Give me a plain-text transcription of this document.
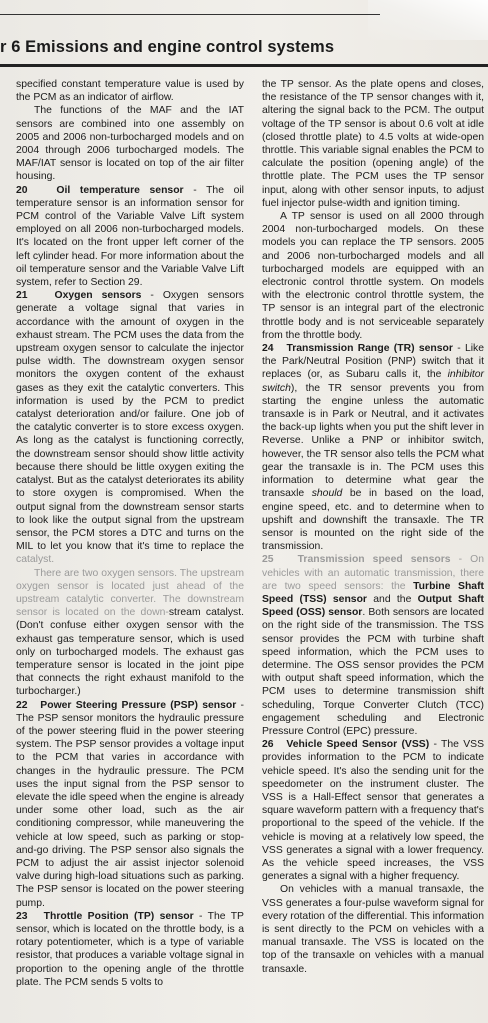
r 6 Emissions and engine control systems

specified constant temperature value is used by the PCM as an indicator of airflow.

The functions of the MAF and the IAT sensors are combined into one assembly on 2005 and 2006 non-turbocharged models and on 2004 through 2006 turbocharged models. The MAF/IAT sensor is located on top of the air filter housing.

20	Oil temperature sensor - The oil temperature sensor is an information sensor for PCM control of the Variable Valve Lift system employed on all 2006 non-turbocharged models. It's located on the front upper left corner of the left cylinder head. For more information about the oil temperature sensor and the Variable Valve Lift system, refer to Section 29.

21	Oxygen sensors - Oxygen sensors generate a voltage signal that varies in accordance with the amount of oxygen in the exhaust stream. The PCM uses the data from the upstream oxygen sensor to calculate the injector pulse width. The downstream oxygen sensor monitors the oxygen content of the exhaust gases as they exit the catalytic converters. This information is used by the PCM to predict catalyst deterioration and/or failure. One job of the catalytic converter is to store excess oxygen. As long as the catalyst is functioning correctly, the downstream sensor should show little activity because there should be little oxygen exiting the catalyst. But as the catalyst deteriorates its ability to store oxygen is compromised. When the output signal from the downstream sensor starts to look like the output signal from the upstream sensor, the PCM stores a DTC and turns on the MIL to let you know that it's time to replace the catalyst.

There are two oxygen sensors. The upstream oxygen sensor is located just ahead of the upstream catalytic converter. The downstream sensor is located on the down-stream catalyst. (Don't confuse either oxygen sensor with the exhaust gas temperature sensor, which is used only on turbocharged models. The exhaust gas temperature sensor is located in the joint pipe that connects the right exhaust manifold to the turbocharger.)

22 Power Steering Pressure (PSP) sensor - The PSP sensor monitors the hydraulic pressure of the power steering fluid in the power steering system. The PSP sensor provides a voltage input to the PCM that varies in accordance with changes in the hydraulic pressure. The PCM uses the input signal from the PSP sensor to elevate the idle speed when the engine is already under some other load, such as the air conditioning compressor, while maneuvering the vehicle at low speed, such as parking or stop-and-go driving. The PSP sensor also signals the PCM to adjust the air assist injector solenoid valve during high-load situations such as parking. The PSP sensor is located on the power steering pump.

23 Throttle Position (TP) sensor - The TP sensor, which is located on the throttle body, is a rotary potentiometer, which is a type of variable resistor, that produces a variable voltage signal in proportion to the opening angle of the throttle plate. The PCM sends 5 volts to

the TP sensor. As the plate opens and closes, the resistance of the TP sensor changes with it, altering the signal back to the PCM. The output voltage of the TP sensor is about 0.6 volt at idle (closed throttle plate) to 4.5 volts at wide-open throttle. This variable signal enables the PCM to calculate the position (opening angle) of the throttle plate. The PCM uses the TP sensor input, along with other sensor inputs, to adjust fuel injector pulse-width and ignition timing.

A TP sensor is used on all 2000 through 2004 non-turbocharged models. On these models you can replace the TP sensors. 2005 and 2006 non-turbocharged models and all turbocharged models are equipped with an electronic control throttle system. On models with the electronic control throttle system, the TP sensor is an integral part of the electronic throttle body and is not serviceable separately from the throttle body.

24 Transmission Range (TR) sensor - Like the Park/Neutral Position (PNP) switch that it replaces (or, as Subaru calls it, the inhibitor switch), the TR sensor prevents you from starting the engine unless the automatic transaxle is in Park or Neutral, and it activates the back-up lights when you put the shift lever in Reverse. Unlike a PNP or inhibitor switch, however, the TR sensor also tells the PCM what gear the transaxle is in. The PCM uses this information to determine what gear the transaxle should be in based on the load, engine speed, etc. and to determine when to upshift and downshift the transaxle. The TR sensor is mounted on the right side of the transmission.

25 Transmission speed sensors - On vehicles with an automatic transmission, there are two speed sensors: the Turbine Shaft Speed (TSS) sensor and the Output Shaft Speed (OSS) sensor. Both sensors are located on the right side of the transmission. The TSS sensor provides the PCM with turbine shaft speed information, which the PCM uses to determine. The OSS sensor provides the PCM with output shaft speed information, which the PCM uses to determine transmission shift scheduling, Torque Converter Clutch (TCC) engagement scheduling and Electronic Pressure Control (EPC) pressure.

26 Vehicle Speed Sensor (VSS) - The VSS provides information to the PCM to indicate vehicle speed. It's also the sending unit for the speedometer on the instrument cluster. The VSS is a Hall-Effect sensor that generates a square waveform pattern with a frequency that's proportional to the speed of the vehicle. If the vehicle is moving at a relatively low speed, the VSS generates a signal with a lower frequency. As the vehicle speed increases, the VSS generates a signal with a higher frequency.

On vehicles with a manual transaxle, the VSS generates a four-pulse waveform signal for every rotation of the differential. This information is sent directly to the PCM on vehicles with a manual transaxle. The VSS is located on the top of the transaxle on vehicles with a manual transaxle.
